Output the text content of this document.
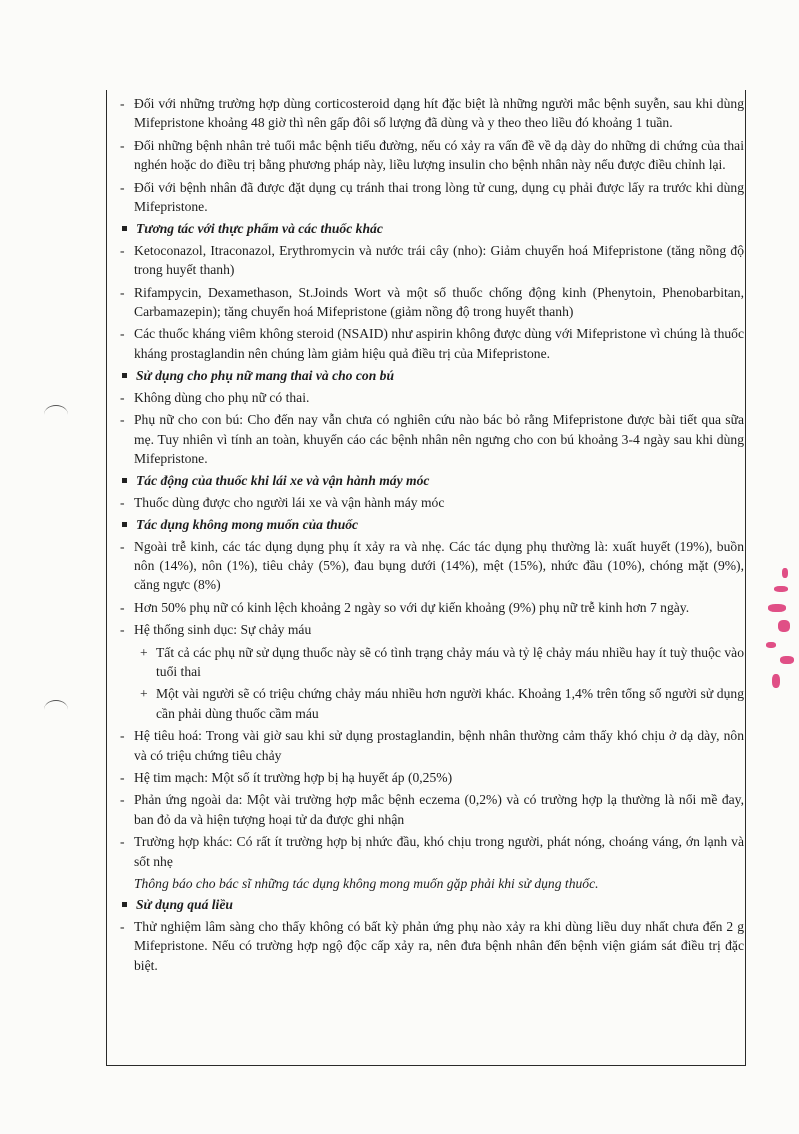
- Đối với những trường hợp dùng corticosteroid dạng hít đặc biệt là những người mắc bệnh suyễn, sau khi dùng Mifepristone khoảng 48 giờ thì nên gấp đôi số lượng đã dùng và y theo theo liều đó khoảng 1 tuần.
- Đối những bệnh nhân trẻ tuổi mắc bệnh tiểu đường, nếu có xảy ra vấn đề về dạ dày do những di chứng của thai nghén hoặc do điều trị bằng phương pháp này, liều lượng insulin cho bệnh nhân này nếu được điều chỉnh lại.
- Đối với bệnh nhân đã được đặt dụng cụ tránh thai trong lòng tử cung, dụng cụ phải được lấy ra trước khi dùng Mifepristone.
Tương tác với thực phẩm và các thuốc khác
- Ketoconazol, Itraconazol, Erythromycin và nước trái cây (nho): Giảm chuyển hoá Mifepristone (tăng nồng độ trong huyết thanh)
- Rifampycin, Dexamethason, St.Joinds Wort và một số thuốc chống động kinh (Phenytoin, Phenobarbitan, Carbamazepin); tăng chuyển hoá Mifepristone (giảm nồng độ trong huyết thanh)
- Các thuốc kháng viêm không steroid (NSAID) như aspirin không được dùng với Mifepristone vì chúng là thuốc kháng prostaglandin nên chúng làm giảm hiệu quả điều trị của Mifepristone.
Sử dụng cho phụ nữ mang thai và cho con bú
- Không dùng cho phụ nữ có thai.
- Phụ nữ cho con bú: Cho đến nay vẫn chưa có nghiên cứu nào bác bỏ rằng Mifepristone được bài tiết qua sữa mẹ. Tuy nhiên vì tính an toàn, khuyến cáo các bệnh nhân nên ngưng cho con bú khoảng 3-4 ngày sau khi dùng Mifepristone.
Tác động của thuốc khi lái xe và vận hành máy móc
- Thuốc dùng được cho người lái xe và vận hành máy móc
Tác dụng không mong muốn của thuốc
- Ngoài trễ kinh, các tác dụng dụng phụ ít xảy ra và nhẹ. Các tác dụng phụ thường là: xuất huyết (19%), buồn nôn (14%), nôn (1%), tiêu chảy (5%), đau bụng dưới (14%), mệt (15%), nhức đầu (10%), chóng mặt (9%), căng ngực (8%)
- Hơn 50% phụ nữ có kinh lệch khoảng 2 ngày so với dự kiến khoảng (9%) phụ nữ trễ kinh hơn 7 ngày.
- Hệ thống sinh dục: Sự chảy máu
+ Tất cả các phụ nữ sử dụng thuốc này sẽ có tình trạng chảy máu và tỷ lệ chảy máu nhiều hay ít tuỳ thuộc vào tuổi thai
+ Một vài người sẽ có triệu chứng chảy máu nhiều hơn người khác. Khoảng 1,4% trên tổng số người sử dụng cần phải dùng thuốc cầm máu
- Hệ tiêu hoá: Trong vài giờ sau khi sử dụng prostaglandin, bệnh nhân thường cảm thấy khó chịu ở dạ dày, nôn và có triệu chứng tiêu chảy
- Hệ tim mạch: Một số ít trường hợp bị hạ huyết áp (0,25%)
- Phản ứng ngoài da: Một vài trường hợp mắc bệnh eczema (0,2%) và có trường hợp lạ thường là nổi mề đay, ban đỏ da và hiện tượng hoại tử da được ghi nhận
- Trường hợp khác: Có rất ít trường hợp bị nhức đầu, khó chịu trong người, phát nóng, choáng váng, ớn lạnh và sốt nhẹ
Thông báo cho bác sĩ những tác dụng không mong muốn gặp phải khi sử dụng thuốc.
Sử dụng quá liều
- Thử nghiệm lâm sàng cho thấy không có bất kỳ phản ứng phụ nào xảy ra khi dùng liều duy nhất chưa đến 2 g Mifepristone. Nếu có trường hợp ngộ độc cấp xảy ra, nên đưa bệnh nhân đến bệnh viện giám sát điều trị đặc biệt.
